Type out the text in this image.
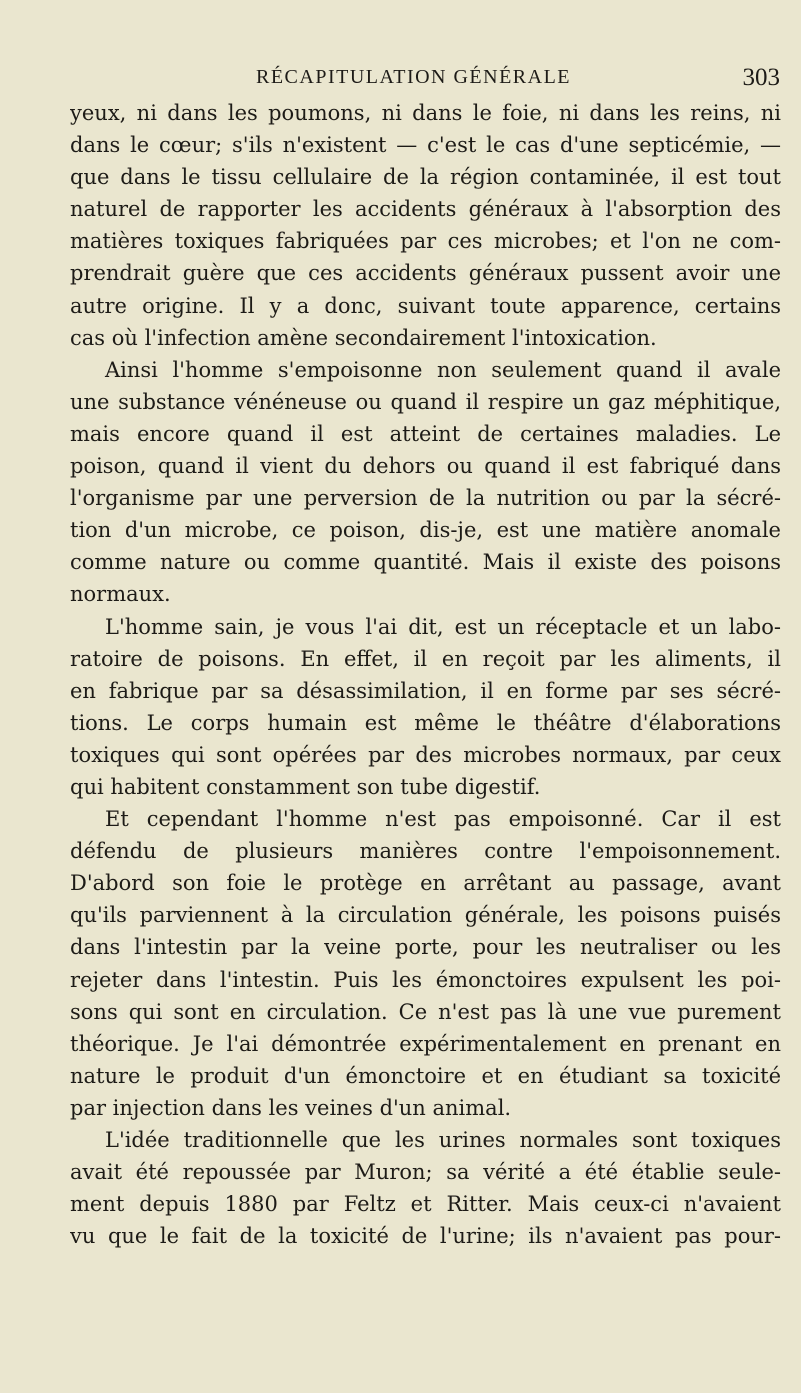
RÉCAPITULATION GÉNÉRALE	303
yeux, ni dans les poumons, ni dans le foie, ni dans les reins, ni
dans le cœur; s'ils n'existent — c'est le cas d'une septicémie, —
que dans le tissu cellulaire de la région contaminée, il est tout
naturel de rapporter les accidents généraux à l'absorption des
matières toxiques fabriquées par ces microbes; et l'on ne com-
prendrait guère que ces accidents généraux pussent avoir une
autre origine. Il y a donc, suivant toute apparence, certains
cas où l'infection amène secondairement l'intoxication.
Ainsi l'homme s'empoisonne non seulement quand il avale
une substance vénéneuse ou quand il respire un gaz méphitique,
mais encore quand il est atteint de certaines maladies. Le
poison, quand il vient du dehors ou quand il est fabriqué dans
l'organisme par une perversion de la nutrition ou par la sécré-
tion d'un microbe, ce poison, dis-je, est une matière anomale
comme nature ou comme quantité. Mais il existe des poisons
normaux.
L'homme sain, je vous l'ai dit, est un réceptacle et un labo-
ratoire de poisons. En effet, il en reçoit par les aliments, il
en fabrique par sa désassimilation, il en forme par ses sécré-
tions. Le corps humain est même le théâtre d'élaborations
toxiques qui sont opérées par des microbes normaux, par ceux
qui habitent constamment son tube digestif.
Et cependant l'homme n'est pas empoisonné. Car il est
défendu de plusieurs manières contre l'empoisonnement.
D'abord son foie le protège en arrêtant au passage, avant
qu'ils parviennent à la circulation générale, les poisons puisés
dans l'intestin par la veine porte, pour les neutraliser ou les
rejeter dans l'intestin. Puis les émonctoires expulsent les poi-
sons qui sont en circulation. Ce n'est pas là une vue purement
théorique. Je l'ai démontrée expérimentalement en prenant en
nature le produit d'un émonctoire et en étudiant sa toxicité
par injection dans les veines d'un animal.
L'idée traditionnelle que les urines normales sont toxiques
avait été repoussée par Muron; sa vérité a été établie seule-
ment depuis 1880 par Feltz et Ritter. Mais ceux-ci n'avaient
vu que le fait de la toxicité de l'urine; ils n'avaient pas pour-
